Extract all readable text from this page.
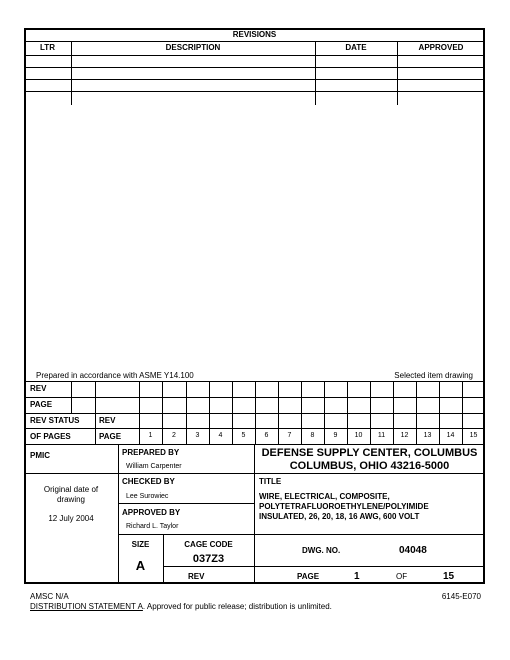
REVISIONS
LTR	DESCRIPTION	DATE	APPROVED
Prepared in accordance with ASME Y14.100	Selected item drawing
REV
PAGE
REV STATUS REV
OF PAGES	PAGE	1	2	3	4	5	6	7	8	9	10	11	12	13	14	15
PMIC	PREPARED BY
William Carpenter
DEFENSE SUPPLY CENTER, COLUMBUS
COLUMBUS, OHIO 43216-5000
Original date of drawing
12 July 2004
CHECKED BY
Lee Surowiec
APPROVED BY
Richard L. Taylor
TITLE
WIRE, ELECTRICAL, COMPOSITE,
POLYTETRAFLUOROETHYLENE/POLYIMIDE
INSULATED, 26, 20, 18, 16 AWG, 600 VOLT
SIZE
A
CAGE CODE
037Z3
DWG. NO.	04048
REV	PAGE	1	OF	15
AMSC N/A	6145-E070
DISTRIBUTION STATEMENT A. Approved for public release; distribution is unlimited.
